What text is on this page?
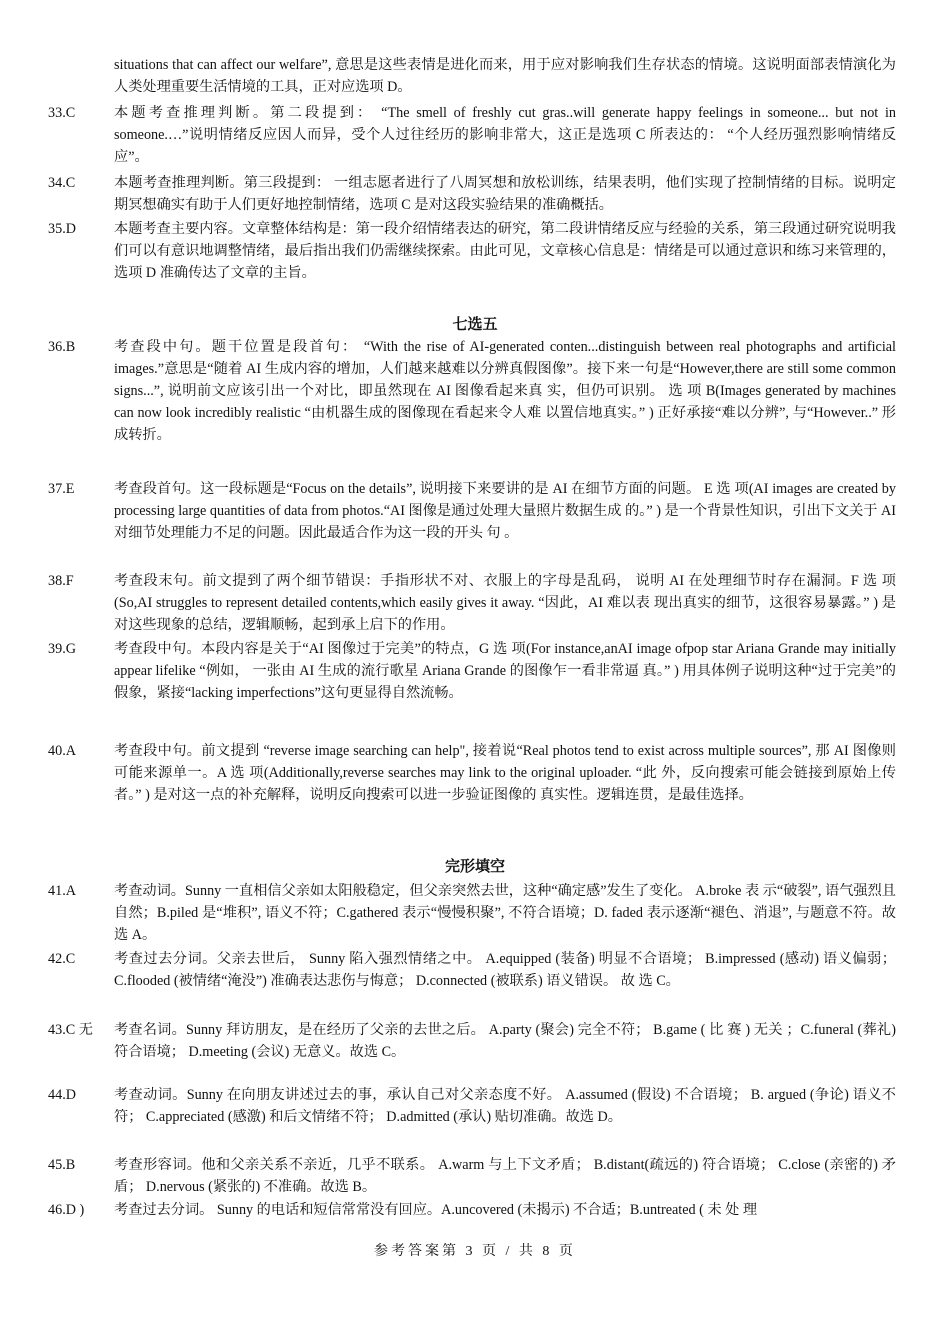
situations that can affect our welfare”, 意思是这些表情是进化而来，用于应对影响我们生存状态的情境。这说明面部表情演化为人类处理重要生活情境的工具，正对应选项 D。
33.C	本题考查推理判断。第二段提到： “The smell of freshly cut gras..will generate happy feelings in someone... but not in someone.…”说明情绪反应因人而异，受个人过往经历的影响非常大，这正是选项 C 所表达的： “个人经历强烈影响情绪反应”。
34.C	本题考查推理判断。第三段提到： 一组志愿者进行了八周冥想和放松训练，结果表明，他们实现了控制情绪的目标。说明定期冥想确实有助于人们更好地控制情绪，选项 C 是对这段实验结果的准确概括。
35.D	本题考查主要内容。文章整体结构是：第一段介绍情绪表达的研究，第二段讲情绪反应与经验的关系，第三段通过研究说明我们可以有意识地调整情绪，最后指出我们仍需继续探索。由此可见，文章核心信息是：情绪是可以通过意识和练习来管理的，选项 D 准确传达了文章的主旨。
七选五
36.B	考查段中句。题干位置是段首句： “With the rise of AI-generated conten...distinguish between real photographs and artificial images.”意思是“随着 AI 生成内容的增加，人们越来越难以分辨真假图像”。接下来一句是“However,there are still some common signs...”, 说明前文应该引出一个对比，即虽然现在 AI 图像看起来真 实，但仍可识别。 选 项 B(Images generated by machines can now look incredibly realistic “由机器生成的图像现在看起来令人难 以置信地真实。” ) 正好承接“难以分辨”, 与“However..” 形成转折。
37.E	考查段首句。这一段标题是“Focus on the details”, 说明接下来要讲的是 AI 在细节方面的问题。 E 选 项(AI images are created by processing large quantities of data from photos.“AI 图像是通过处理大量照片数据生成 的。” ) 是一个背景性知识，引出下文关于 AI 对细节处理能力不足的问题。因此最适合作为这一段的开头 句 。
38.F	考查段末句。前文提到了两个细节错误：手指形状不对、衣服上的字母是乱码， 说明 AI 在处理细节时存在漏洞。F 选 项 (So,AI struggles to represent detailed contents,which easily gives it away. “因此，AI 难以表 现出真实的细节，这很容易暴露。” ) 是对这些现象的总结，逻辑顺畅，起到承上启下的作用。
39.G	考查段中句。本段内容是关于“AI 图像过于完美”的特点，G 选 项(For instance,anAI image ofpop star Ariana Grande may initially appear lifelike “例如， 一张由 AI 生成的流行歌星 Ariana Grande 的图像乍一看非常逼 真。” ) 用具体例子说明这种“过于完美”的假象，紧接“lacking imperfections”这句更显得自然流畅。
40.A	考查段中句。前文提到 “reverse image searching can help", 接着说“Real photos tend to exist across multiple sources”, 那 AI 图像则可能来源单一。A 选 项(Additionally,reverse searches may link to the original uploader. “此 外，反向搜索可能会链接到原始上传者。” ) 是对这一点的补充解释，说明反向搜索可以进一步验证图像的 真实性。逻辑连贯，是最佳选择。
完形填空
41.A	考查动词。Sunny 一直相信父亲如太阳般稳定，但父亲突然去世，这种“确定感”发生了变化。 A.broke 表 示“破裂”, 语气强烈且自然；B.piled 是“堆积”, 语义不符；C.gathered 表示“慢慢积聚”, 不符合语境；D. faded 表示逐渐“褪色、消退”, 与题意不符。故选 A。
42.C	考查过去分词。父亲去世后， Sunny 陷入强烈情绪之中。 A.equipped (装备) 明显不合语境； B.impressed (感动) 语义偏弱； C.flooded (被情绪“淹没”) 准确表达悲伤与悔意； D.connected (被联系) 语义错误。 故 选 C。
43.C 无	考查名词。Sunny 拜访朋友，是在经历了父亲的去世之后。 A.party (聚会) 完全不符； B.game ( 比 赛 ) 无关 ；C.funeral (葬礼) 符合语境； D.meeting (会议) 无意义。故选 C。
44.D	考查动词。Sunny 在向朋友讲述过去的事，承认自己对父亲态度不好。 A.assumed (假设) 不合语境； B. argued (争论) 语义不符； C.appreciated (感激) 和后文情绪不符； D.admitted (承认) 贴切准确。故选 D。
45.B	考查形容词。他和父亲关系不亲近，几乎不联系。 A.warm 与上下文矛盾； B.distant(疏远的) 符合语境； C.close (亲密的) 矛盾； D.nervous (紧张的) 不准确。故选 B。
46.D )	考查过去分词。 Sunny 的电话和短信常常没有回应。A.uncovered (未揭示) 不合适；B.untreated ( 未 处 理
参考答案第 3 页 / 共 8 页
